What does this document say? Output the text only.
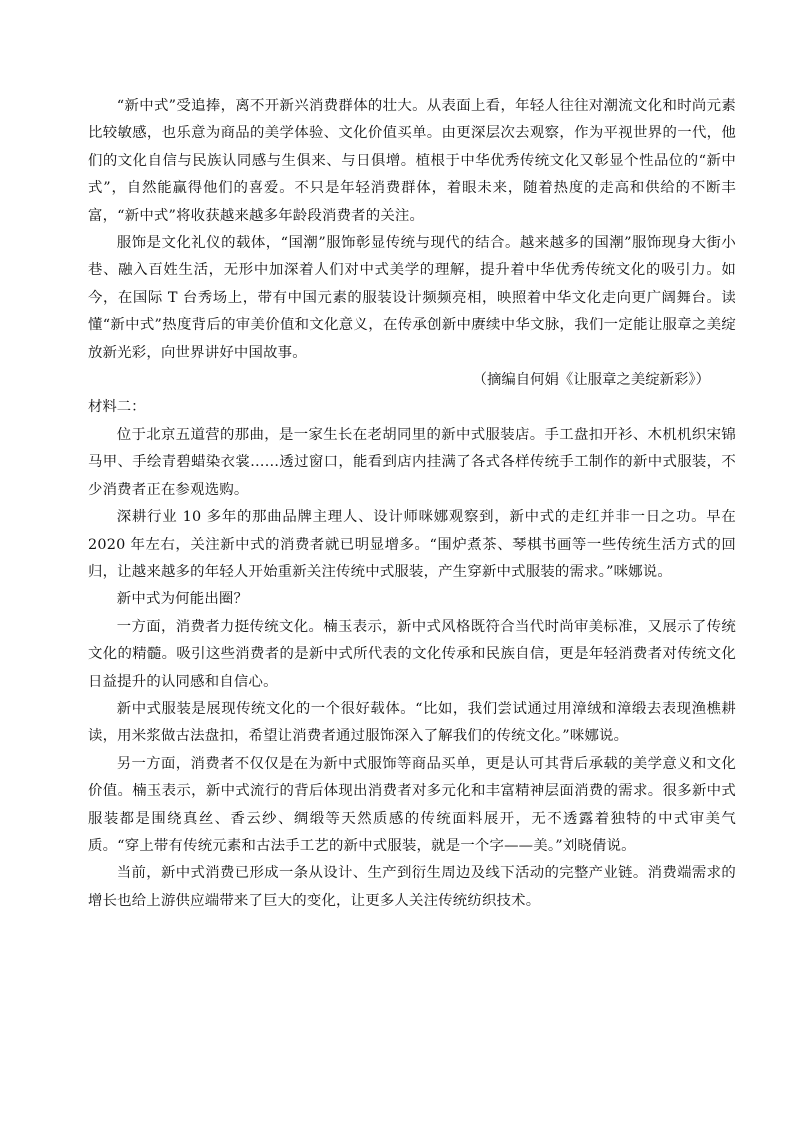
“新中式”受追捧，离不开新兴消费群体的壮大。从表面上看，年轻人往往对潮流文化和时尚元素比较敏感，也乐意为商品的美学体验、文化价值买单。由更深层次去观察，作为平视世界的一代，他们的文化自信与民族认同感与生俱来、与日俱增。植根于中华优秀传统文化又彰显个性品位的“新中式”，自然能赢得他们的喜爱。不只是年轻消费群体，着眼未来，随着热度的走高和供给的不断丰富，“新中式”将收获越来越多年龄段消费者的关注。

服饰是文化礼仪的载体，“国潮”服饰彰显传统与现代的结合。越来越多的国潮”服饰现身大街小巷、融入百姓生活，无形中加深着人们对中式美学的理解，提升着中华优秀传统文化的吸引力。如今，在国际 T 台秀场上，带有中国元素的服装设计频频亮相，映照着中华文化走向更广阔舞台。读懂“新中式”热度背后的审美价值和文化意义，在传承创新中赓续中华文脉，我们一定能让服章之美绽放新光彩，向世界讲好中国故事。

（摘编自何娟《让服章之美绽新彩》）

材料二：

位于北京五道营的那曲，是一家生长在老胡同里的新中式服装店。手工盘扣开衫、木机机织宋锦马甲、手绘青碧蜡染衣裳……透过窗口，能看到店内挂满了各式各样传统手工制作的新中式服装，不少消费者正在参观选购。

深耕行业 10 多年的那曲品牌主理人、设计师咪娜观察到，新中式的走红并非一日之功。早在 2020 年左右，关注新中式的消费者就已明显增多。“围炉煮茶、琴棋书画等一些传统生活方式的回归，让越来越多的年轻人开始重新关注传统中式服装，产生穿新中式服装的需求。”咪娜说。

新中式为何能出圈？

一方面，消费者力挺传统文化。楠玉表示，新中式风格既符合当代时尚审美标准，又展示了传统文化的精髓。吸引这些消费者的是新中式所代表的文化传承和民族自信，更是年轻消费者对传统文化日益提升的认同感和自信心。

新中式服装是展现传统文化的一个很好载体。“比如，我们尝试通过用漳绒和漳缎去表现渔樵耕读，用米浆做古法盘扣，希望让消费者通过服饰深入了解我们的传统文化。”咪娜说。

另一方面，消费者不仅仅是在为新中式服饰等商品买单，更是认可其背后承载的美学意义和文化价值。楠玉表示，新中式流行的背后体现出消费者对多元化和丰富精神层面消费的需求。很多新中式服装都是围绕真丝、香云纱、绸缎等天然质感的传统面料展开，无不透露着独特的中式审美气质。“穿上带有传统元素和古法手工艺的新中式服装，就是一个字——美。”刘晓倩说。

当前，新中式消费已形成一条从设计、生产到衍生周边及线下活动的完整产业链。消费端需求的增长也给上游供应端带来了巨大的变化，让更多人关注传统纺织技术。
